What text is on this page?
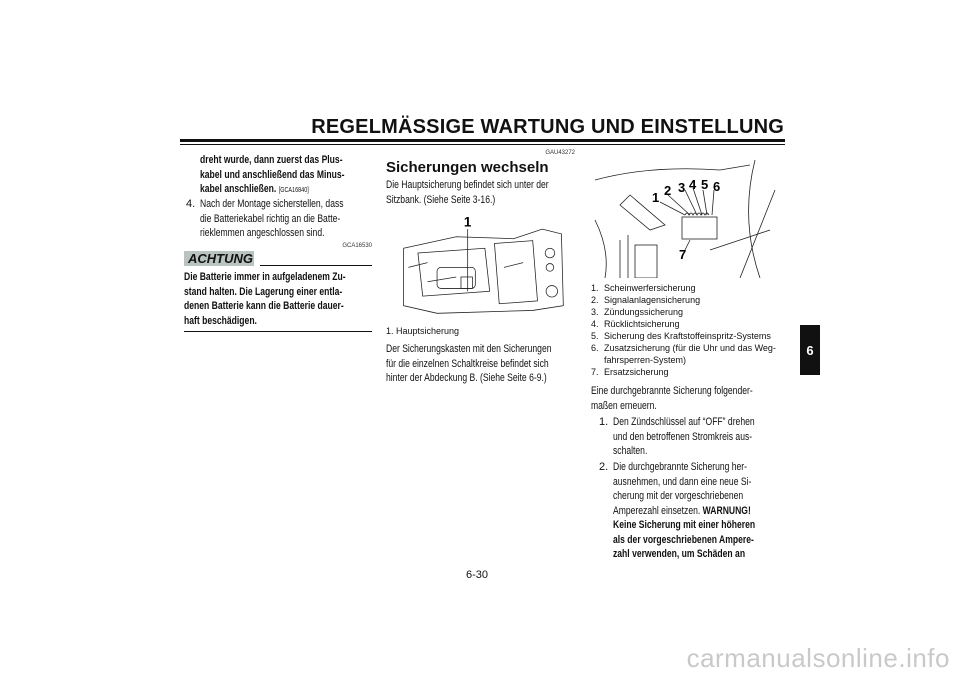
REGELMÄSSIGE WARTUNG UND EINSTELLUNG
6
dreht wurde, dann zuerst das Plus-
kabel und anschließend das Minus-
kabel anschließen. [GCA16840]
4. Nach der Montage sicherstellen, dass
die Batteriekabel richtig an die Batte-
rieklemmen angeschlossen sind.
GCA16530
ACHTUNG
Die Batterie immer in aufgeladenem Zu-
stand halten. Die Lagerung einer entla-
denen Batterie kann die Batterie dauer-
haft beschädigen.
GAU43272
Sicherungen wechseln
Die Hauptsicherung befindet sich unter der
Sitzbank. (Siehe Seite 3-16.)
1
1. Hauptsicherung
Der Sicherungskasten mit den Sicherungen
für die einzelnen Schaltkreise befindet sich
hinter der Abdeckung B. (Siehe Seite 6-9.)
1 2 3 4 5 6
7
1. Scheinwerfersicherung
2. Signalanlagensicherung
3. Zündungssicherung
4. Rücklichtsicherung
5. Sicherung des Kraftstoffeinspritz-Systems
6. Zusatzsicherung (für die Uhr und das Weg-fahrsperren-System)
7. Ersatzsicherung
Eine durchgebrannte Sicherung folgender-
maßen erneuern.
1. Den Zündschlüssel auf “OFF” drehen
und den betroffenen Stromkreis aus-
schalten.
2. Die durchgebrannte Sicherung her-
ausnehmen, und dann eine neue Si-
cherung mit der vorgeschriebenen
Amperezahl einsetzen. WARNUNG!
Keine Sicherung mit einer höheren
als der vorgeschriebenen Ampere-
zahl verwenden, um Schäden an
6-30
carmanualsonline.info
